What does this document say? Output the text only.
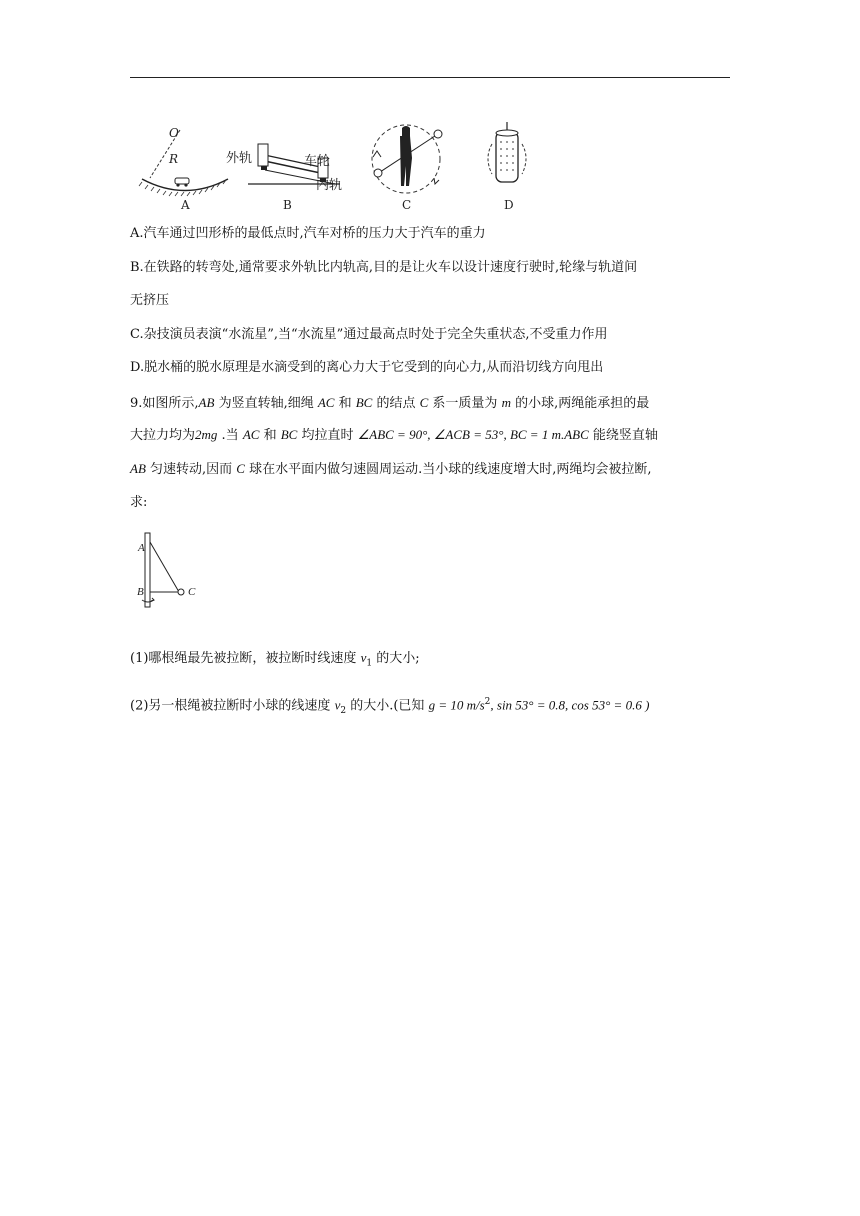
O
R	外轨	车轮
内轨
A	B	C	D
A.汽车通过凹形桥的最低点时,汽车对桥的压力大于汽车的重力
B.在铁路的转弯处,通常要求外轨比内轨高,目的是让火车以设计速度行驶时,轮缘与轨道间
无挤压
C.杂技演员表演“水流星”,当“水流星”通过最高点时处于完全失重状态,不受重力作用
D.脱水桶的脱水原理是水滴受到的离心力大于它受到的向心力,从而沿切线方向甩出
9.如图所示,AB 为竖直转轴,细绳 AC 和 BC 的结点 C 系一质量为 m 的小球,两绳能承担的最
大拉力均为2mg .当 AC 和 BC 均拉直时 ∠ABC = 90°, ∠ACB = 53°, BC = 1 m.ABC 能绕竖直轴
AB 匀速转动,因而 C 球在水平面内做匀速圆周运动.当小球的线速度增大时,两绳均会被拉断,
求:
A
B	C
(1)哪根绳最先被拉断，被拉断时线速度 $v_1$ 的大小;
(2)另一根绳被拉断时小球的线速度 $v_2$ 的大小.(已知 g = 10 $m/s^2$, sin 53° = 0.8, cos 53° = 0.6 )
